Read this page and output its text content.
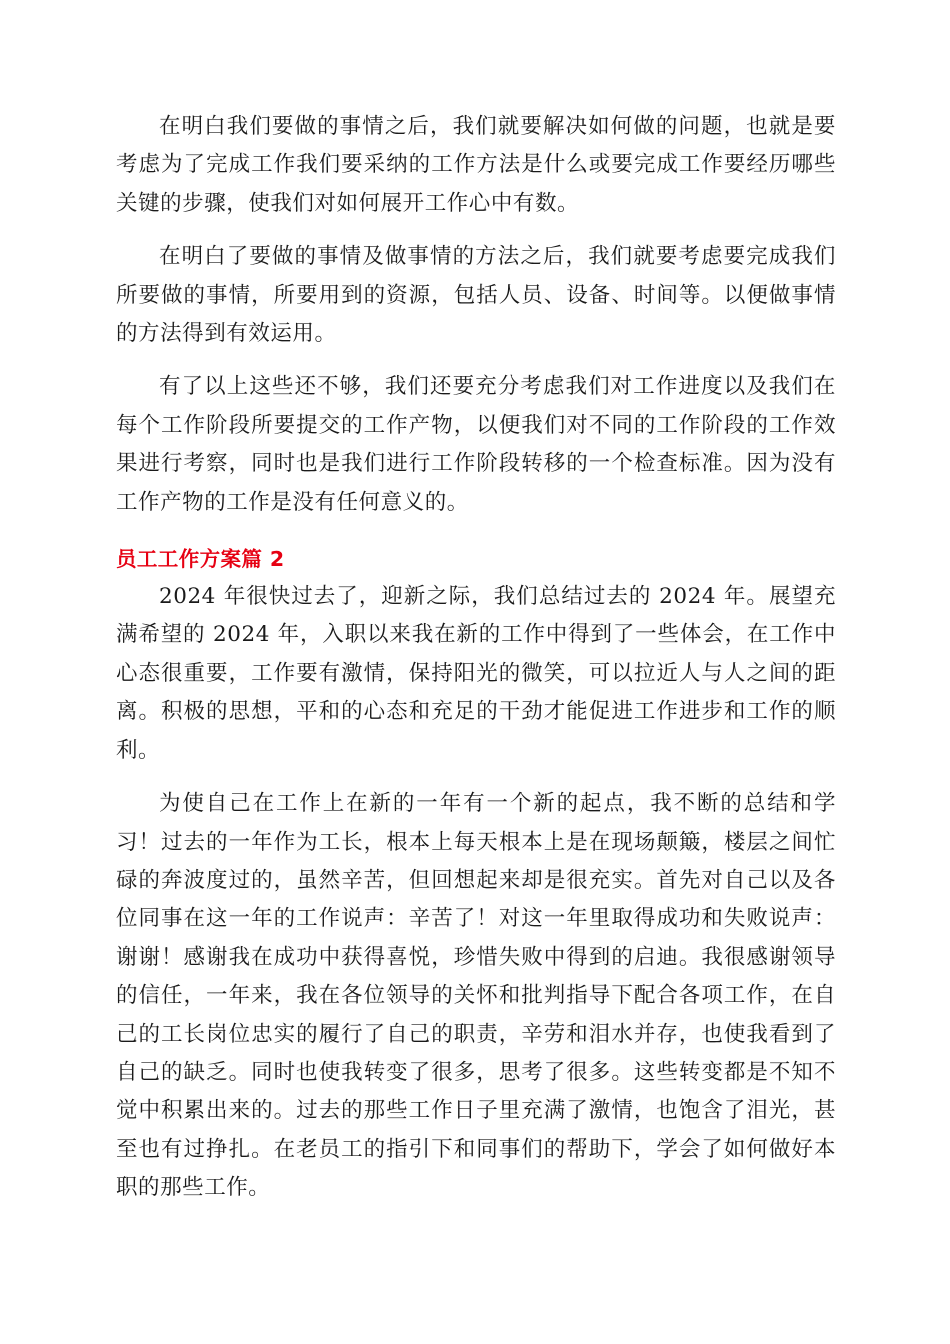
在明白我们要做的事情之后，我们就要解决如何做的问题，也就是要考虑为了完成工作我们要采纳的工作方法是什么或要完成工作要经历哪些关键的步骤，使我们对如何展开工作心中有数。

在明白了要做的事情及做事情的方法之后，我们就要考虑要完成我们所要做的事情，所要用到的资源，包括人员、设备、时间等。以便做事情的方法得到有效运用。

有了以上这些还不够，我们还要充分考虑我们对工作进度以及我们在每个工作阶段所要提交的工作产物，以便我们对不同的工作阶段的工作效果进行考察，同时也是我们进行工作阶段转移的一个检查标准。因为没有工作产物的工作是没有任何意义的。

员工工作方案篇 2

2024 年很快过去了，迎新之际，我们总结过去的 2024 年。展望充满希望的 2024 年，入职以来我在新的工作中得到了一些体会，在工作中心态很重要，工作要有激情，保持阳光的微笑，可以拉近人与人之间的距离。积极的思想，平和的心态和充足的干劲才能促进工作进步和工作的顺利。

为使自己在工作上在新的一年有一个新的起点，我不断的总结和学习！过去的一年作为工长，根本上每天根本上是在现场颠簸，楼层之间忙碌的奔波度过的，虽然辛苦，但回想起来却是很充实。首先对自己以及各位同事在这一年的工作说声：辛苦了！对这一年里取得成功和失败说声：谢谢！感谢我在成功中获得喜悦，珍惜失败中得到的启迪。我很感谢领导的信任，一年来，我在各位领导的关怀和批判指导下配合各项工作，在自己的工长岗位忠实的履行了自己的职责，辛劳和泪水并存，也使我看到了自己的缺乏。同时也使我转变了很多，思考了很多。这些转变都是不知不觉中积累出来的。过去的那些工作日子里充满了激情，也饱含了泪光，甚至也有过挣扎。在老员工的指引下和同事们的帮助下，学会了如何做好本职的那些工作。
